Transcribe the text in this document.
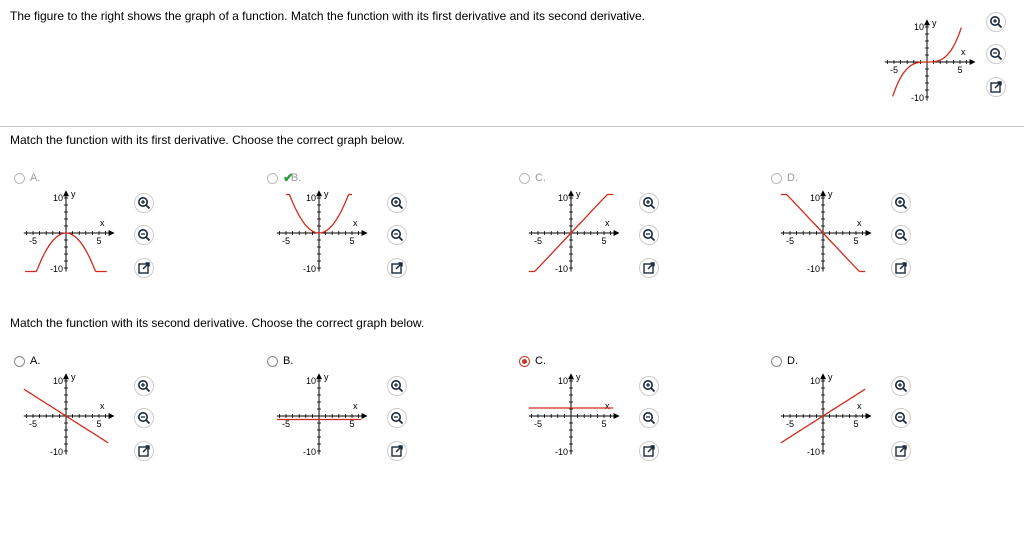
The figure to the right shows the graph of a function. Match the function with its first derivative and its second derivative.
y
x
10
-10
-5	5
Match the function with its first derivative. Choose the correct graph below.
Match the function with its second derivative. Choose the correct graph below.
A.
y
x
10
-10
-5	5
✔
B.
y
x
10
-10
-5	5
C.
y
x
10
-10
-5	5
D.
y
x
10
-10
-5	5
A.
y
x
10
-10
-5	5
B.
y
x
10
-10
-5	5
C.
y
x
10
-10
-5	5
D.
y
x
10
-10
-5	5
